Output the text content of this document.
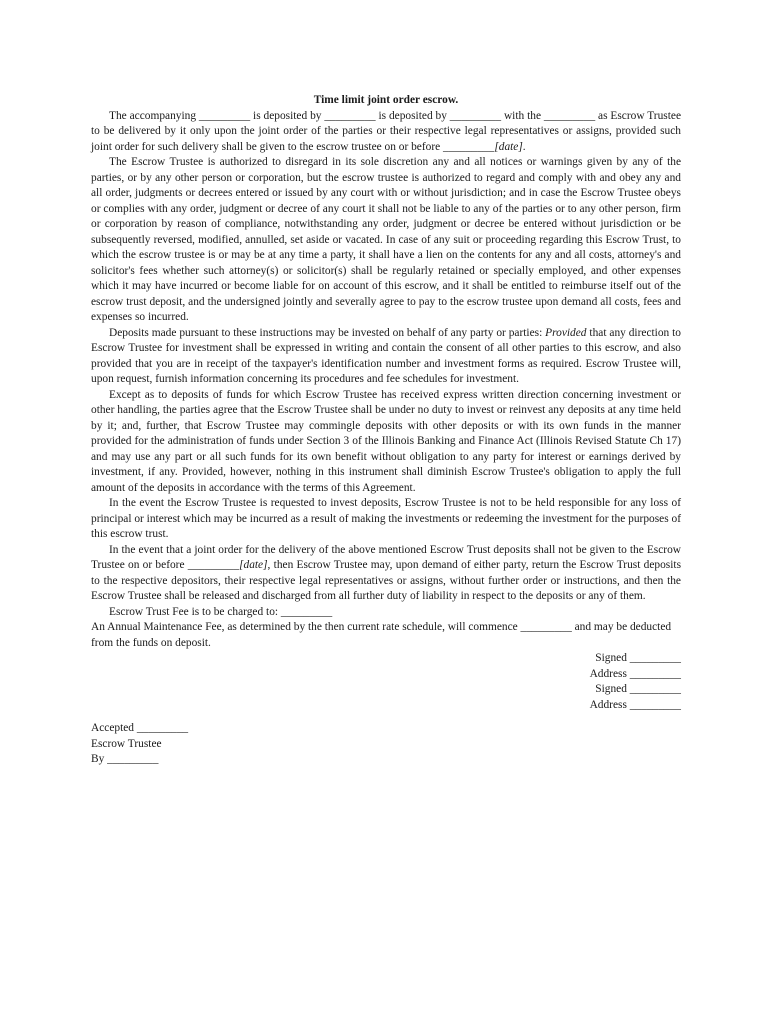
Time limit joint order escrow.

The accompanying _________ is deposited by _________ is deposited by _________ with the _________ as Escrow Trustee to be delivered by it only upon the joint order of the parties or their respective legal representatives or assigns, provided such joint order for such delivery shall be given to the escrow trustee on or before _________[date].

The Escrow Trustee is authorized to disregard in its sole discretion any and all notices or warnings given by any of the parties, or by any other person or corporation, but the escrow trustee is authorized to regard and comply with and obey any and all order, judgments or decrees entered or issued by any court with or without jurisdiction; and in case the Escrow Trustee obeys or complies with any order, judgment or decree of any court it shall not be liable to any of the parties or to any other person, firm or corporation by reason of compliance, notwithstanding any order, judgment or decree be entered without jurisdiction or be subsequently reversed, modified, annulled, set aside or vacated. In case of any suit or proceeding regarding this Escrow Trust, to which the escrow trustee is or may be at any time a party, it shall have a lien on the contents for any and all costs, attorney's and solicitor's fees whether such attorney(s) or solicitor(s) shall be regularly retained or specially employed, and other expenses which it may have incurred or become liable for on account of this escrow, and it shall be entitled to reimburse itself out of the escrow trust deposit, and the undersigned jointly and severally agree to pay to the escrow trustee upon demand all costs, fees and expenses so incurred.

Deposits made pursuant to these instructions may be invested on behalf of any party or parties: Provided that any direction to Escrow Trustee for investment shall be expressed in writing and contain the consent of all other parties to this escrow, and also provided that you are in receipt of the taxpayer's identification number and investment forms as required. Escrow Trustee will, upon request, furnish information concerning its procedures and fee schedules for investment.

Except as to deposits of funds for which Escrow Trustee has received express written direction concerning investment or other handling, the parties agree that the Escrow Trustee shall be under no duty to invest or reinvest any deposits at any time held by it; and, further, that Escrow Trustee may commingle deposits with other deposits or with its own funds in the manner provided for the administration of funds under Section 3 of the Illinois Banking and Finance Act (Illinois Revised Statute Ch 17) and may use any part or all such funds for its own benefit without obligation to any party for interest or earnings derived by investment, if any. Provided, however, nothing in this instrument shall diminish Escrow Trustee's obligation to apply the full amount of the deposits in accordance with the terms of this Agreement.

In the event the Escrow Trustee is requested to invest deposits, Escrow Trustee is not to be held responsible for any loss of principal or interest which may be incurred as a result of making the investments or redeeming the investment for the purposes of this escrow trust.

In the event that a joint order for the delivery of the above mentioned Escrow Trust deposits shall not be given to the Escrow Trustee on or before _________[date], then Escrow Trustee may, upon demand of either party, return the Escrow Trust deposits to the respective depositors, their respective legal representatives or assigns, without further order or instructions, and then the Escrow Trustee shall be released and discharged from all further duty of liability in respect to the deposits or any of them.

Escrow Trust Fee is to be charged to: _________

An Annual Maintenance Fee, as determined by the then current rate schedule, will commence _________ and may be deducted from the funds on deposit.

Signed _________

Address _________

Signed _________

Address _________

Accepted _________
Escrow Trustee
By _________
